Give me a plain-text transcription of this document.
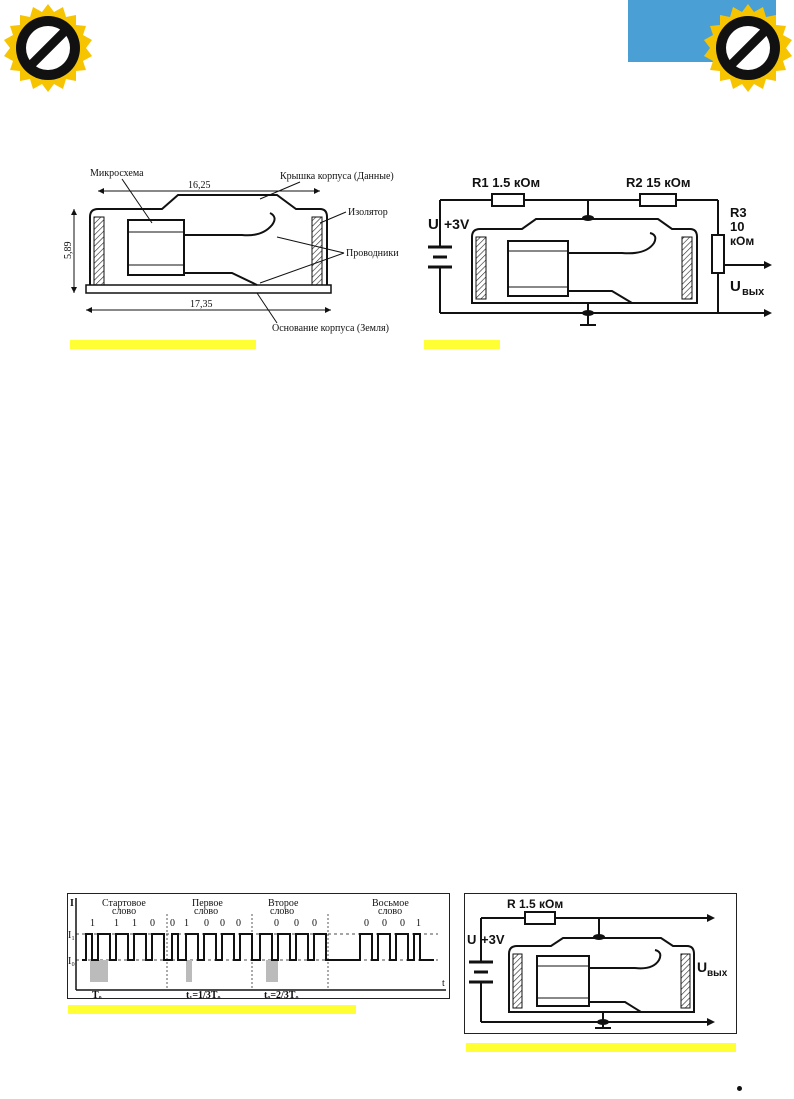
16,25
17,35
5,89
Микросхема	Крышка корпуса (Данные)
Изолятор
Проводники
Основание корпуса (Земля)
R1 1.5 кОм	R2 15 кОм
R3
10
кОм
U +3V
U вых
I
t
I₁
I₀
Стартовое
слово
Первое
слово
Второе
слово
Восьмое
слово
1 1 1 0 0 1 0 0 0	0 0 0	0 0 0 1
T₀	t₁=1/3T₀	t₀=2/3T₀
R 1.5 кОм
U +3V
U вых
